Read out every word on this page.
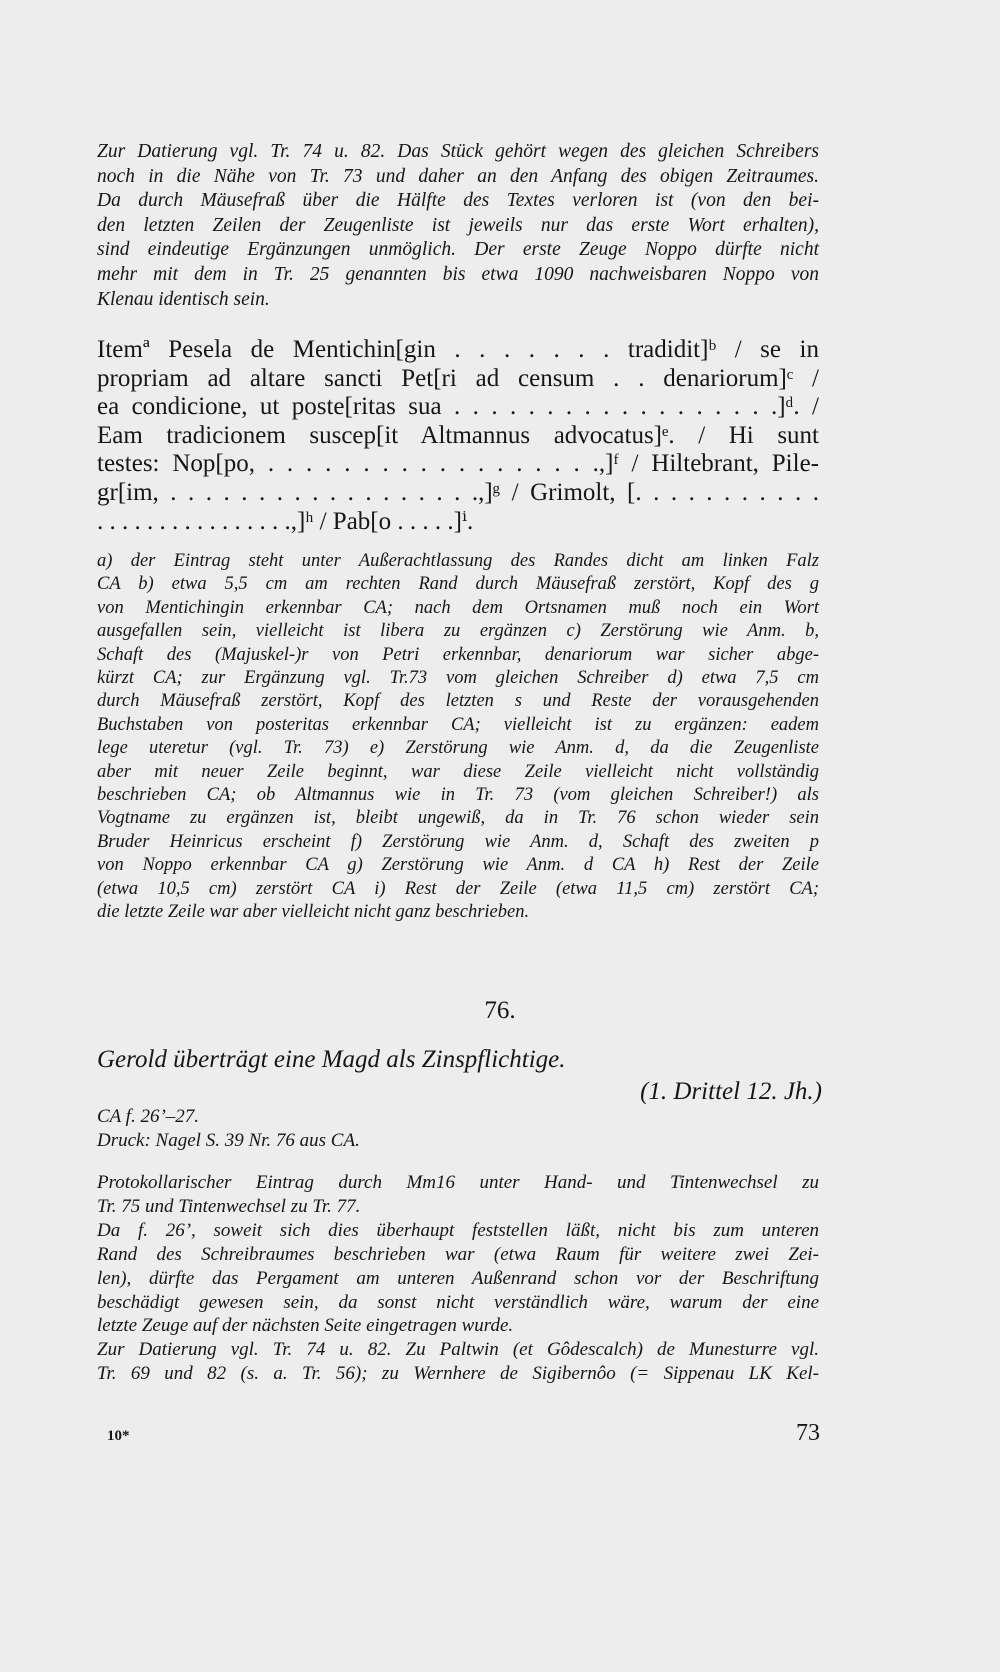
Zur Datierung vgl. Tr. 74 u. 82. Das Stück gehört wegen des gleichen Schreibers
noch in die Nähe von Tr. 73 und daher an den Anfang des obigen Zeitraumes.
Da durch Mäusefraß über die Hälfte des Textes verloren ist (von den bei-
den letzten Zeilen der Zeugenliste ist jeweils nur das erste Wort erhalten),
sind eindeutige Ergänzungen unmöglich. Der erste Zeuge Noppo dürfte nicht
mehr mit dem in Tr. 25 genannten bis etwa 1090 nachweisbaren Noppo von
Klenau identisch sein.
Itemª Pesela de Mentichin[gin . . . . . . . tradidit]ᵇ / se in
propriam ad altare sancti Pet[ri ad censum . . denariorum]ᶜ /
ea condicione, ut poste[ritas sua . . . . . . . . . . . . . . . . . .]ᵈ. /
Eam tradicionem suscep[it Altmannus advocatus]ᵉ. / Hi sunt
testes: Nop[po, . . . . . . . . . . . . . . . . . .,]ᶠ / Hiltebrant, Pile-
gr[im, . . . . . . . . . . . . . . . . . .,]ᵍ / Grimolt, [. . . . . . . . . . .
. . . . . . . . . . . . . . . .,]ʰ / Pab[o . . . . .]ⁱ.
a) der Eintrag steht unter Außerachtlassung des Randes dicht am linken Falz
CA b) etwa 5,5 cm am rechten Rand durch Mäusefraß zerstört, Kopf des g
von Mentichingin erkennbar CA; nach dem Ortsnamen muß noch ein Wort
ausgefallen sein, vielleicht ist libera zu ergänzen c) Zerstörung wie Anm. b,
Schaft des (Majuskel-)r von Petri erkennbar, denariorum war sicher abge-
kürzt CA; zur Ergänzung vgl. Tr.73 vom gleichen Schreiber d) etwa 7,5 cm
durch Mäusefraß zerstört, Kopf des letzten s und Reste der vorausgehenden
Buchstaben von posteritas erkennbar CA; vielleicht ist zu ergänzen: eadem
lege uteretur (vgl. Tr. 73) e) Zerstörung wie Anm. d, da die Zeugenliste
aber mit neuer Zeile beginnt, war diese Zeile vielleicht nicht vollständig
beschrieben CA; ob Altmannus wie in Tr. 73 (vom gleichen Schreiber!) als
Vogtname zu ergänzen ist, bleibt ungewiß, da in Tr. 76 schon wieder sein
Bruder Heinricus erscheint f) Zerstörung wie Anm. d, Schaft des zweiten p
von Noppo erkennbar CA g) Zerstörung wie Anm. d CA h) Rest der Zeile
(etwa 10,5 cm) zerstört CA i) Rest der Zeile (etwa 11,5 cm) zerstört CA;
die letzte Zeile war aber vielleicht nicht ganz beschrieben.
76.
Gerold überträgt eine Magd als Zinspflichtige.
(1. Drittel 12. Jh.)
CA f. 26’–27.
Druck: Nagel S. 39 Nr. 76 aus CA.
Protokollarischer Eintrag durch Mm16 unter Hand- und Tintenwechsel zu
Tr. 75 und Tintenwechsel zu Tr. 77.
Da f. 26’, soweit sich dies überhaupt feststellen läßt, nicht bis zum unteren
Rand des Schreibraumes beschrieben war (etwa Raum für weitere zwei Zei-
len), dürfte das Pergament am unteren Außenrand schon vor der Beschriftung
beschädigt gewesen sein, da sonst nicht verständlich wäre, warum der eine
letzte Zeuge auf der nächsten Seite eingetragen wurde.
Zur Datierung vgl. Tr. 74 u. 82. Zu Paltwin (et Gôdescalch) de Munesturre vgl.
Tr. 69 und 82 (s. a. Tr. 56); zu Wernhere de Sigibernôo (= Sippenau LK Kel-
10*	73
